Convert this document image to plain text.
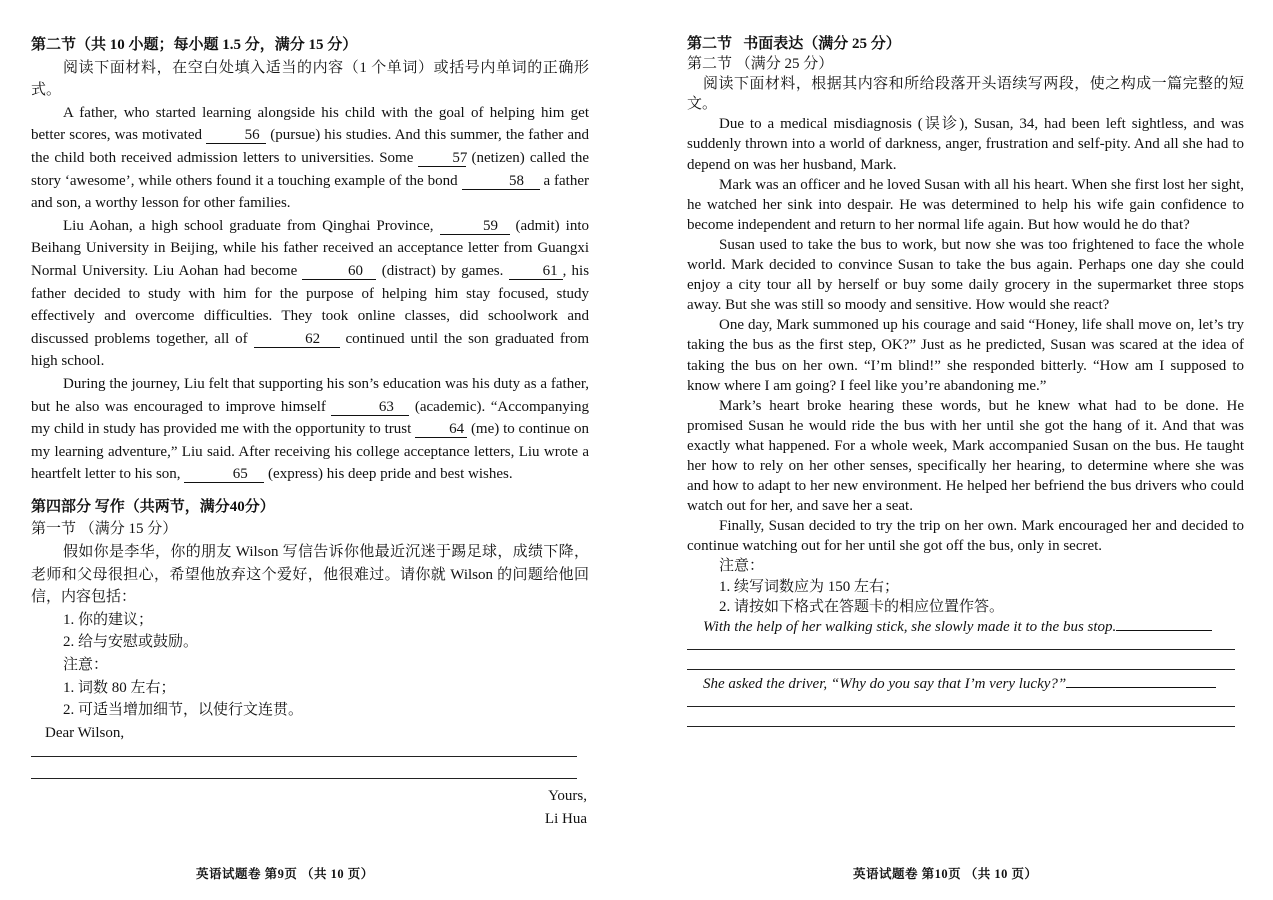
第二节（共 10 小题；每小题 1.5 分，满分 15 分）

阅读下面材料，在空白处填入适当的内容（1 个单词）或括号内单词的正确形式。

A father, who started learning alongside his child with the goal of helping him get better scores, was motivated	56 (pursue) his studies. And this summer, the father and the child both received admission letters to universities. Some	57 (netizen) called the story ‘awesome’, while others found it a touching example of the bond	58 a father and son, a worthy lesson for other families.

Liu Aohan, a high school graduate from Qinghai Province,	59 (admit) into Beihang University in Beijing, while his father received an acceptance letter from Guangxi Normal University. Liu Aohan had become	60 (distract) by games.	61 , his father decided to study with him for the purpose of helping him stay focused, study effectively and overcome difficulties. They took online classes, did schoolwork and discussed problems together, all of	62 continued until the son graduated from high school.

During the journey, Liu felt that supporting his son’s education was his duty as a father, but he also was encouraged to improve himself	63 (academic). “Accompanying my child in study has provided me with the opportunity to trust	64 (me) to continue on my learning adventure,” Liu said. After receiving his college acceptance letters, Liu wrote a heartfelt letter to his son,	65 (express) his deep pride and best wishes.

第四部分 写作（共两节，满分40分）
第一节 （满分 15 分）

假如你是李华，你的朋友 Wilson 写信告诉你他最近沉迷于踢足球，成绩下降，老师和父母很担心，希望他放弃这个爱好，他很难过。请你就 Wilson 的问题给他回信，内容包括：

1. 你的建议；
2. 给与安慰或鼓励。
注意：
1. 词数 80 左右；
2. 可适当增加细节，以使行文连贯。
Dear Wilson,
Yours,
Li Hua
英语试题卷 第9页 （共 10 页）
第二节 书面表达（满分 25 分）
第二节 （满分 25 分）

阅读下面材料，根据其内容和所给段落开头语续写两段，使之构成一篇完整的短文。

Due to a medical misdiagnosis (误诊), Susan, 34, had been left sightless, and was suddenly thrown into a world of darkness, anger, frustration and self-pity. And all she had to depend on was her husband, Mark.

Mark was an officer and he loved Susan with all his heart. When she first lost her sight, he watched her sink into despair. He was determined to help his wife gain confidence to become independent and return to her normal life again. But how would he do that?

Susan used to take the bus to work, but now she was too frightened to face the whole world. Mark decided to convince Susan to take the bus again. Perhaps one day she could enjoy a city tour all by herself or buy some daily grocery in the supermarket three stops away. But she was still so moody and sensitive. How would she react?

One day, Mark summoned up his courage and said “Honey, life shall move on, let’s try taking the bus as the first step, OK?” Just as he predicted, Susan was scared at the idea of taking the bus on her own. “I’m blind!” she responded bitterly. “How am I supposed to know where I am going? I feel like you’re abandoning me.”

Mark’s heart broke hearing these words, but he knew what had to be done. He promised Susan he would ride the bus with her until she got the hang of it. And that was exactly what happened. For a whole week, Mark accompanied Susan on the bus. He taught her how to rely on her other senses, specifically her hearing, to determine where she was and how to adapt to her new environment. He helped her befriend the bus drivers who could watch out for her, and save her a seat.

Finally, Susan decided to try the trip on her own. Mark encouraged her and decided to continue watching out for her until she got off the bus, only in secret.

注意：
1. 续写词数应为 150 左右；
2. 请按如下格式在答题卡的相应位置作答。
With the help of her walking stick, she slowly made it to the bus stop.
She asked the driver, “Why do you say that I’m very lucky?”
英语试题卷 第10页 （共 10 页）
